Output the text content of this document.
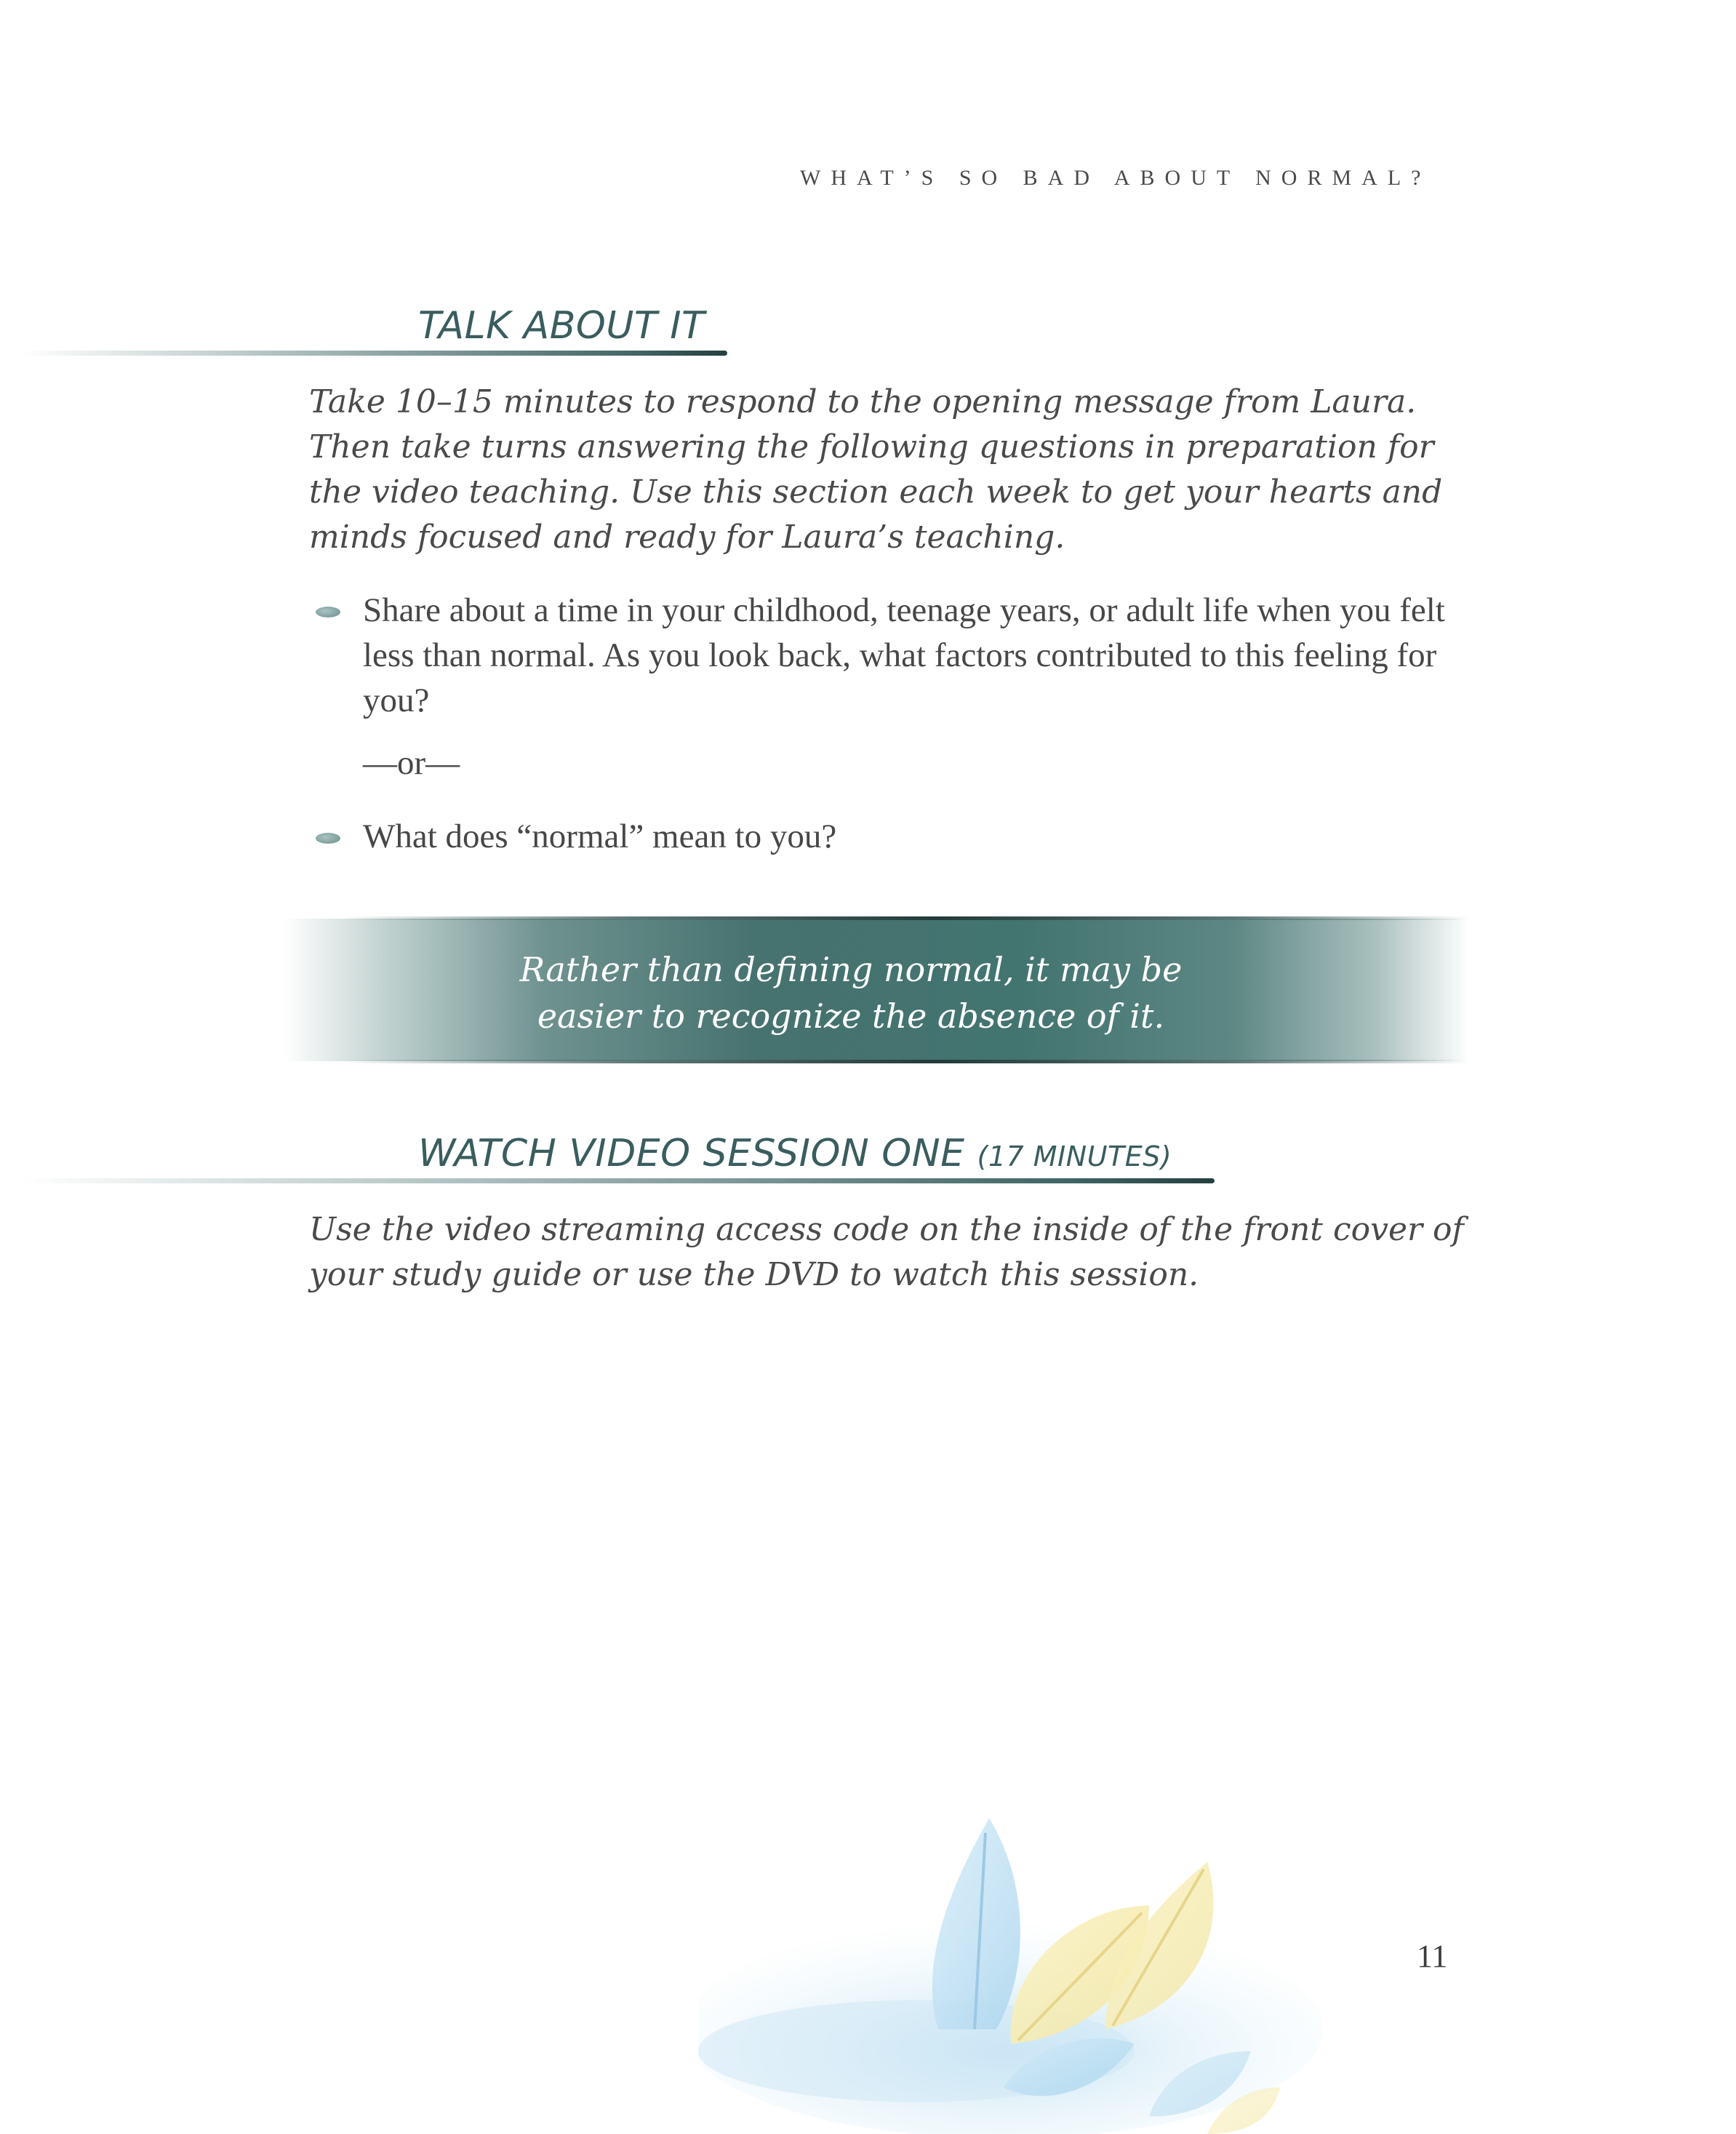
WHAT’S SO BAD ABOUT NORMAL?
TALK ABOUT IT

Take 10–15 minutes to respond to the opening message from Laura. Then take turns answering the following questions in preparation for the video teaching. Use this section each week to get your hearts and minds focused and ready for Laura’s teaching.

Share about a time in your childhood, teenage years, or adult life when you felt less than normal. As you look back, what factors contributed to this feeling for you?
—or—
What does “normal” mean to you?
Rather than defining normal, it may be
easier to recognize the absence of it.
WATCH VIDEO SESSION ONE (17 MINUTES)

Use the video streaming access code on the inside of the front cover of your study guide or use the DVD to watch this session.

11
